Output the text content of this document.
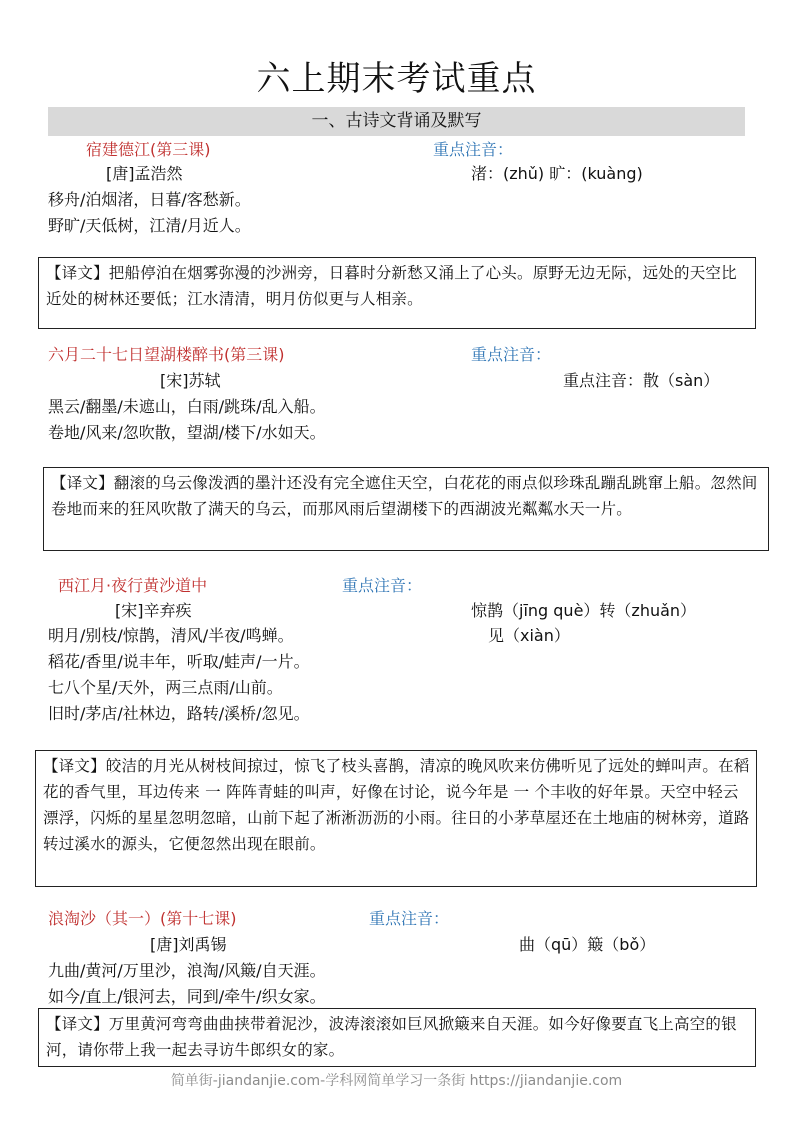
六上期末考试重点
一、古诗文背诵及默写
宿建德江(第三课)	重点注音：
[唐]孟浩然	渚：(zhǔ) 旷：(kuàng)
移舟/泊烟渚，日暮/客愁新。
野旷/天低树，江清/月近人。
【译文】把船停泊在烟雾弥漫的沙洲旁，日暮时分新愁又涌上了心头。原野无边无际，远处的天空比近处的树林还要低；江水清清，明月仿似更与人相亲。
六月二十七日望湖楼醉书(第三课)	重点注音：
[宋]苏轼	重点注音：散（sàn）
黑云/翻墨/未遮山，白雨/跳珠/乱入船。
卷地/风来/忽吹散，望湖/楼下/水如天。
【译文】翻滚的乌云像泼洒的墨汁还没有完全遮住天空，白花花的雨点似珍珠乱蹦乱跳窜上船。忽然间卷地而来的狂风吹散了满天的乌云，而那风雨后望湖楼下的西湖波光粼粼水天一片。
西江月·夜行黄沙道中	重点注音：
[宋]辛弃疾	惊鹊（jīng què）转（zhuǎn）
明月/别枝/惊鹊，清风/半夜/鸣蝉。	见（xiàn）
稻花/香里/说丰年，听取/蛙声/一片。
七八个星/天外，两三点雨/山前。
旧时/茅店/社林边，路转/溪桥/忽见。
【译文】皎洁的月光从树枝间掠过，惊飞了枝头喜鹊，清凉的晚风吹来仿佛听见了远处的蝉叫声。在稻花的香气里，耳边传来 一 阵阵青蛙的叫声，好像在讨论，说今年是 一 个丰收的好年景。天空中轻云漂浮，闪烁的星星忽明忽暗，山前下起了淅淅沥沥的小雨。往日的小茅草屋还在土地庙的树林旁，道路转过溪水的源头，它便忽然出现在眼前。
浪淘沙（其一）(第十七课)	重点注音：
[唐]刘禹锡	曲（qū）簸（bǒ）
九曲/黄河/万里沙，浪淘/风簸/自天涯。
如今/直上/银河去，同到/牵牛/织女家。
【译文】万里黄河弯弯曲曲挟带着泥沙，波涛滚滚如巨风掀簸来自天涯。如今好像要直飞上高空的银河，请你带上我一起去寻访牛郎织女的家。
简单街-jiandanjie.com-学科网简单学习一条街 https://jiandanjie.com
